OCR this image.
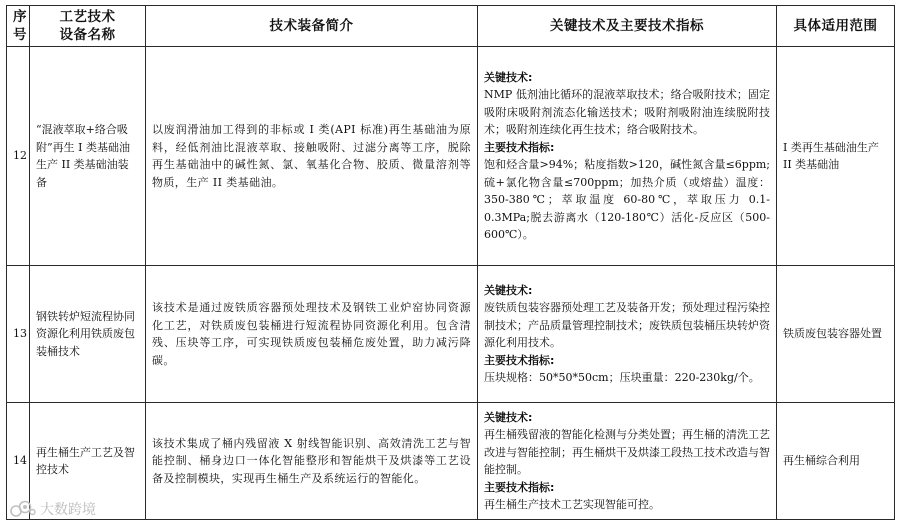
序号	工艺技术
设备名称	技术装备简介	关键技术及主要技术指标	具体适用范围
12	“混液萃取+络合吸附”再生 I 类基础油生产 II 类基础油装备	以废润滑油加工得到的非标或 I 类(API 标准)再生基础油为原料，经低剂油比混液萃取、接触吸附、过滤分离等工序，脱除再生基础油中的碱性氮、氯、氧基化合物、胶质、微量溶剂等物质，生产 II 类基础油。	关键技术:
NMP 低剂油比循环的混液萃取技术；络合吸附技术；固定吸附床吸附剂流态化输送技术；吸附剂吸附油连续脱附技术；吸附剂连续化再生技术；络合吸附技术。
主要技术指标:
饱和烃含量>94%；粘度指数>120，碱性氮含量≤6ppm;硫+氯化物含量≤700ppm；加热介质（或熔盐）温度：350-380℃；萃取温度 60-80℃，萃取压力 0.1-0.3MPa;脱去游离水（120-180℃）活化-反应区（500-600℃）。	I 类再生基础油生产 II 类基础油
13	钢铁转炉短流程协同资源化利用铁质废包装桶技术	该技术是通过废铁质容器预处理技术及钢铁工业炉窑协同资源化工艺，对铁质废包装桶进行短流程协同资源化利用。包含清残、压块等工序，可实现铁质废包装桶危废处置，助力减污降碳。	关键技术:
废铁质包装容器预处理工艺及装备开发；预处理过程污染控制技术；产品质量管理控制技术；废铁质包装桶压块转炉资源化利用技术。
主要技术指标:
压块规格：50*50*50cm；压块重量：220-230kg/个。	铁质废包装容器处置
14	再生桶生产工艺及智控技术	该技术集成了桶内残留液 X 射线智能识别、高效清洗工艺与智能控制、桶身边口一体化智能整形和智能烘干及烘漆等工艺设备及控制模块，实现再生桶生产及系统运行的智能化。	关键技术:
再生桶残留液的智能化检测与分类处置；再生桶的清洗工艺改进与智能控制；再生桶烘干及烘漆工段热工技术改造与智能控制。
主要技术指标:
再生桶生产技术工艺实现智能可控。	再生桶综合利用
大数跨境
